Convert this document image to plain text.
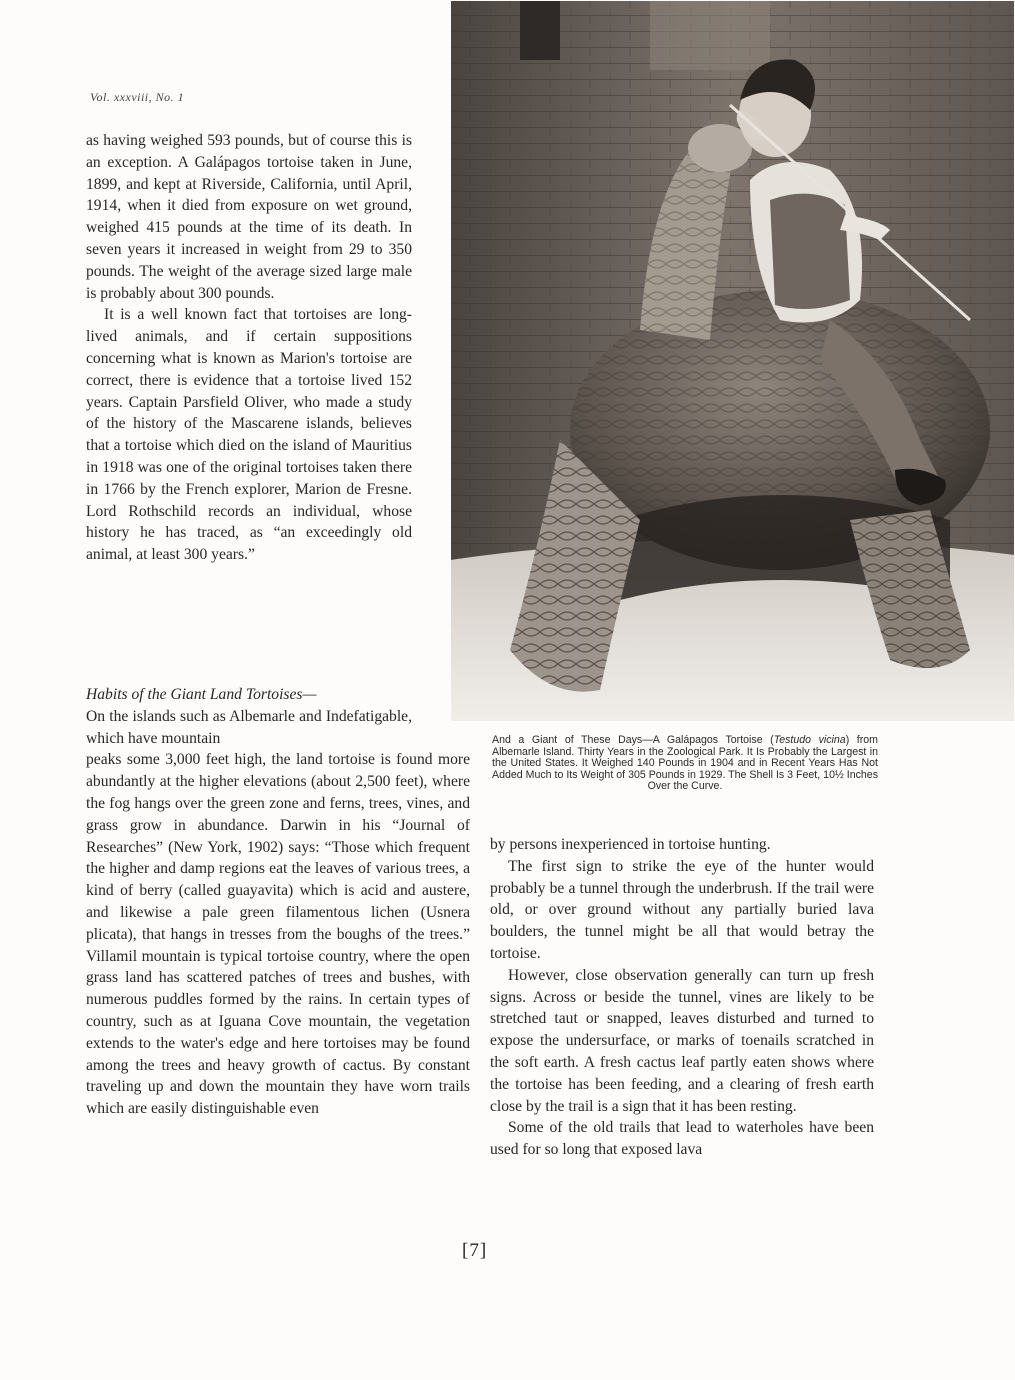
Vol. xxxviii, No. 1

as having weighed 593 pounds, but of course this is an exception. A Galápagos tortoise taken in June, 1899, and kept at Riverside, California, until April, 1914, when it died from exposure on wet ground, weighed 415 pounds at the time of its death. In seven years it increased in weight from 29 to 350 pounds. The weight of the average sized large male is probably about 300 pounds.

It is a well known fact that tortoises are long-lived animals, and if certain suppositions concerning what is known as Marion's tortoise are correct, there is evidence that a tortoise lived 152 years. Captain Parsfield Oliver, who made a study of the history of the Mascarene islands, believes that a tortoise which died on the island of Mauritius in 1918 was one of the original tortoises taken there in 1766 by the French explorer, Marion de Fresne. Lord Rothschild records an individual, whose history he has traced, as “an exceedingly old animal, at least 300 years.”

Habits of the Giant Land Tortoises—
On the islands such as Albemarle and Indefatigable, which have mountain

peaks some 3,000 feet high, the land tortoise is found more abundantly at the higher elevations (about 2,500 feet), where the fog hangs over the green zone and ferns, trees, vines, and grass grow in abundance. Darwin in his “Journal of Researches” (New York, 1902) says: “Those which frequent the higher and damp regions eat the leaves of various trees, a kind of berry (called guayavita) which is acid and austere, and likewise a pale green filamentous lichen (Usnera plicata), that hangs in tresses from the boughs of the trees.” Villamil mountain is typical tortoise country, where the open grass land has scattered patches of trees and bushes, with numerous puddles formed by the rains. In certain types of country, such as at Iguana Cove mountain, the vegetation extends to the water's edge and here tortoises may be found among the trees and heavy growth of cactus. By constant traveling up and down the mountain they have worn trails which are easily distinguishable even

And a Giant of These Days—A Galápagos Tortoise (Testudo vicina) from Albemarle Island. Thirty Years in the Zoological Park. It Is Probably the Largest in the United States. It Weighed 140 Pounds in 1904 and in Recent Years Has Not Added Much to Its Weight of 305 Pounds in 1929. The Shell Is 3 Feet, 10½ Inches Over the Curve.

by persons inexperienced in tortoise hunting.

The first sign to strike the eye of the hunter would probably be a tunnel through the underbrush. If the trail were old, or over ground without any partially buried lava boulders, the tunnel might be all that would betray the tortoise.

However, close observation generally can turn up fresh signs. Across or beside the tunnel, vines are likely to be stretched taut or snapped, leaves disturbed and turned to expose the undersurface, or marks of toenails scratched in the soft earth. A fresh cactus leaf partly eaten shows where the tortoise has been feeding, and a clearing of fresh earth close by the trail is a sign that it has been resting.

Some of the old trails that lead to waterholes have been used for so long that exposed lava

[7]
